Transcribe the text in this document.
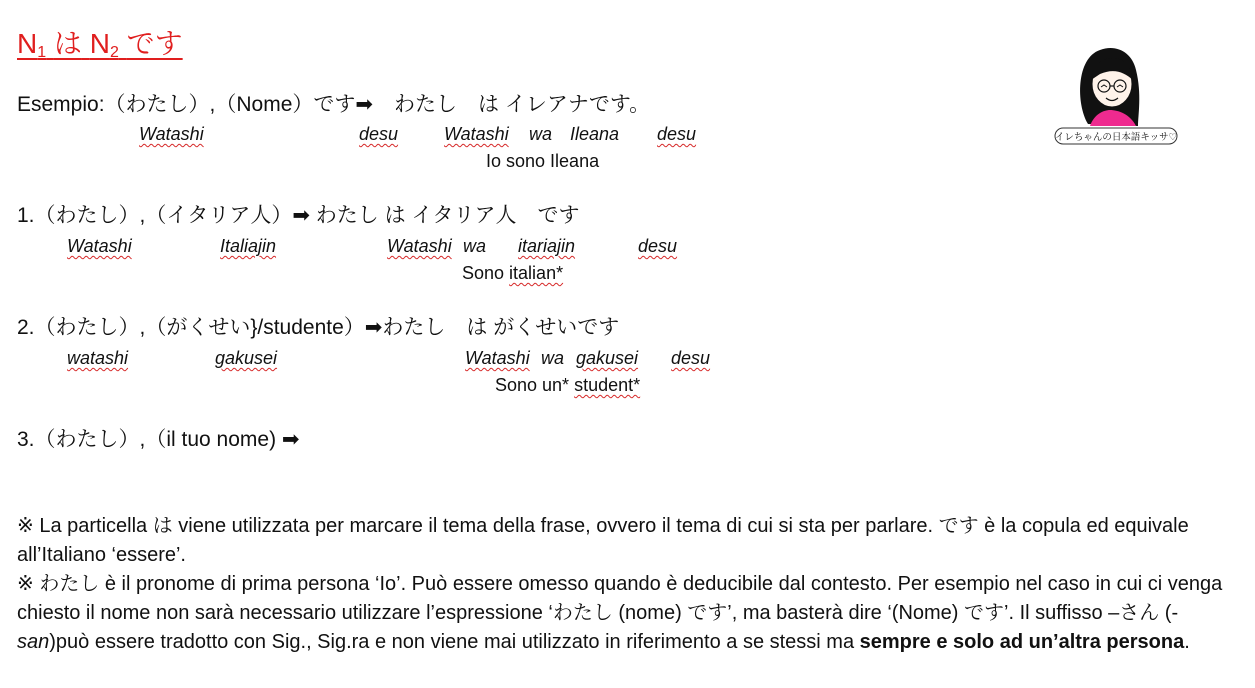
$N_1$ は $N_2$ です
Esempio:（わたし）,（Nome）です➡　わたし　は イレアナです。
Watashi	desu	Watashi wa Ileana desu
Io sono Ileana
1.（わたし）,（イタリア人）➡ わたし は イタリア人　です
Watashi	Italiajin	Watashi wa itariajin	desu
Sono italian*
2.（わたし）,（がくせい}/studente）➡わたし　は がくせいです
watashi	gakusei	Watashi wa gakusei desu
Sono un* student*
3.（わたし）,（il tuo nome) ➡

※ La particella は viene utilizzata per marcare il tema della frase, ovvero il tema di cui si sta per parlare. です è la copula ed equivale all’Italiano ‘essere’.

※ わたし è il pronome di prima persona ‘Io’. Può essere omesso quando è deducibile dal contesto. Per esempio nel caso in cui ci venga chiesto il nome non sarà necessario utilizzare l’espressione ‘わたし (nome) です’, ma basterà dire ‘(Nome) です’. Il suffisso –さん (-san)può essere tradotto con Sig., Sig.ra e non viene mai utilizzato in riferimento a se stessi ma sempre e solo ad un’altra persona.

イレちゃんの日本語キッサ♡
